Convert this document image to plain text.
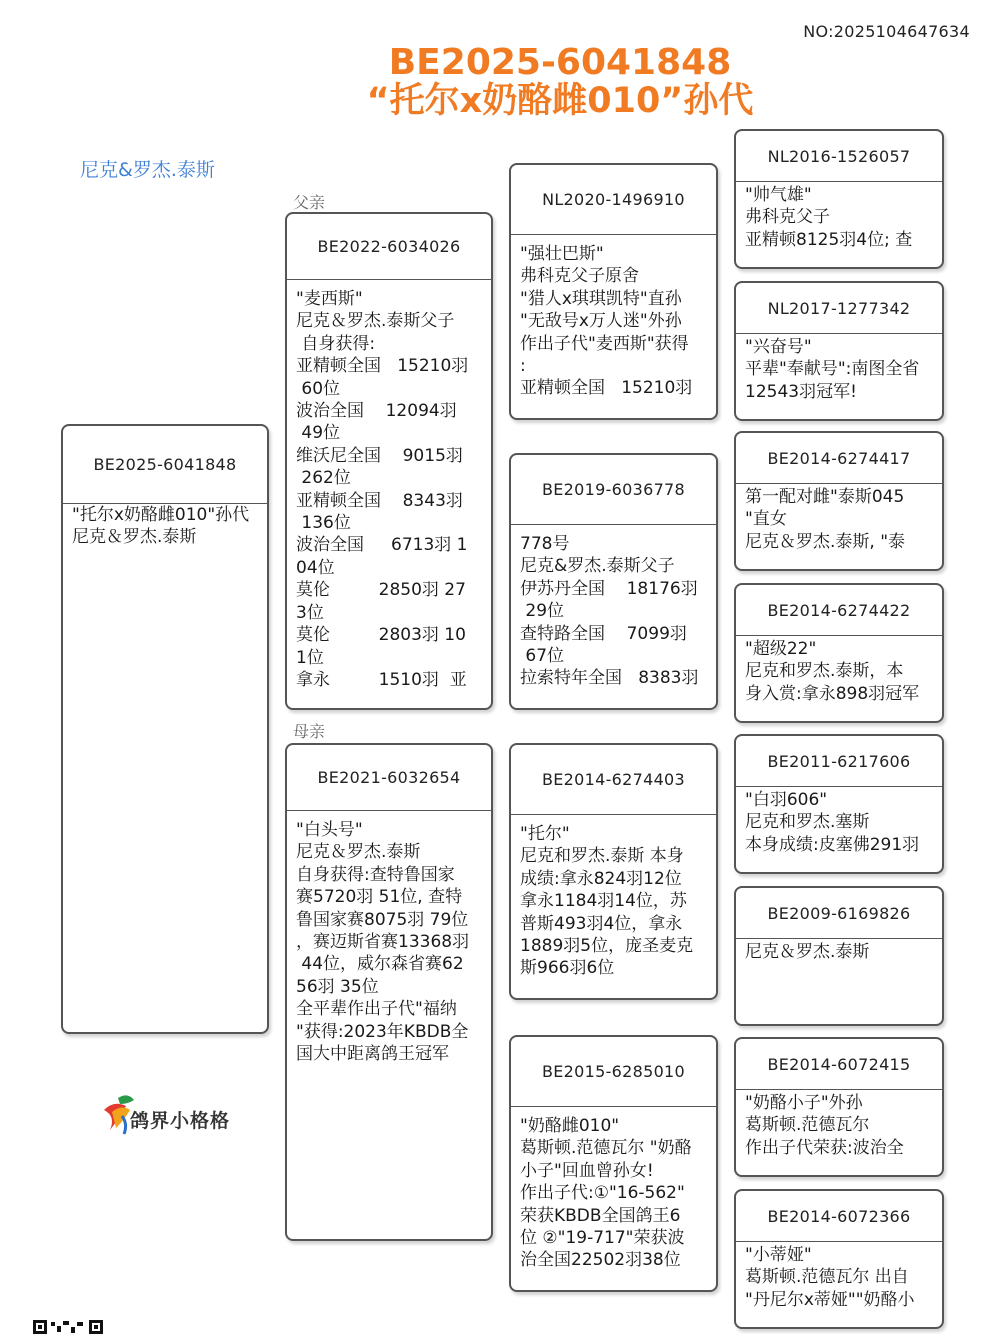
NO:2025104647634
BE2025-6041848
“托尔x奶酪雌010”孙代
尼克&罗杰.泰斯
父亲
母亲
BE2025-6041848
"托尔x奶酪雌010"孙代
尼克＆罗杰.泰斯
BE2022-6034026
"麦西斯"
尼克＆罗杰.泰斯父子
自身获得:
亚精顿全国   15210羽
60位
波治全国    12094羽
49位
维沃尼全国    9015羽
262位
亚精顿全国    8343羽
136位
波治全国     6713羽 1
04位
莫伦         2850羽 27
3位
莫伦         2803羽 10
1位
拿永         1510羽  亚
BE2021-6032654
"白头号"
尼克＆罗杰.泰斯
自身获得:查特鲁国家
赛5720羽 51位, 查特
鲁国家赛8075羽 79位
，赛迈斯省赛13368羽
44位，威尔森省赛62
56羽 35位
全平辈作出子代"福纳
"获得:2023年KBDB全
国大中距离鸽王冠军
NL2020-1496910
"强壮巴斯"
弗科克父子原舍
"猎人x琪琪凯特"直孙
"无敌号x万人迷"外孙
作出子代"麦西斯"获得
:
亚精顿全国   15210羽
BE2019-6036778
778号
尼克&罗杰.泰斯父子
伊苏丹全国    18176羽
29位
查特路全国    7099羽
67位
拉索特年全国   8383羽
BE2014-6274403
"托尔"
尼克和罗杰.泰斯 本身
成绩:拿永824羽12位
拿永1184羽14位，苏
普斯493羽4位，拿永
1889羽5位，庞圣麦克
斯966羽6位
BE2015-6285010
"奶酪雌010"
葛斯顿.范德瓦尔 "奶酪
小子"回血曾孙女!
作出子代:①"16-562"
荣获KBDB全国鸽王6
位 ②"19-717"荣获波
治全国22502羽38位
NL2016-1526057
"帅气雄"
弗科克父子
亚精顿8125羽4位; 查
NL2017-1277342
"兴奋号"
平辈"奉献号":南图全省
12543羽冠军!
BE2014-6274417
第一配对雌"泰斯045
"直女
尼克＆罗杰.泰斯, "泰
BE2014-6274422
"超级22"
尼克和罗杰.泰斯，本
身入赏:拿永898羽冠军
BE2011-6217606
"白羽606"
尼克和罗杰.塞斯
本身成绩:皮塞佛291羽
BE2009-6169826
尼克＆罗杰.泰斯
BE2014-6072415
"奶酪小子"外孙
葛斯顿.范德瓦尔
作出子代荣获:波治全
BE2014-6072366
"小蒂娅"
葛斯顿.范德瓦尔 出自
"丹尼尔x蒂娅""奶酪小
鸽界小格格
